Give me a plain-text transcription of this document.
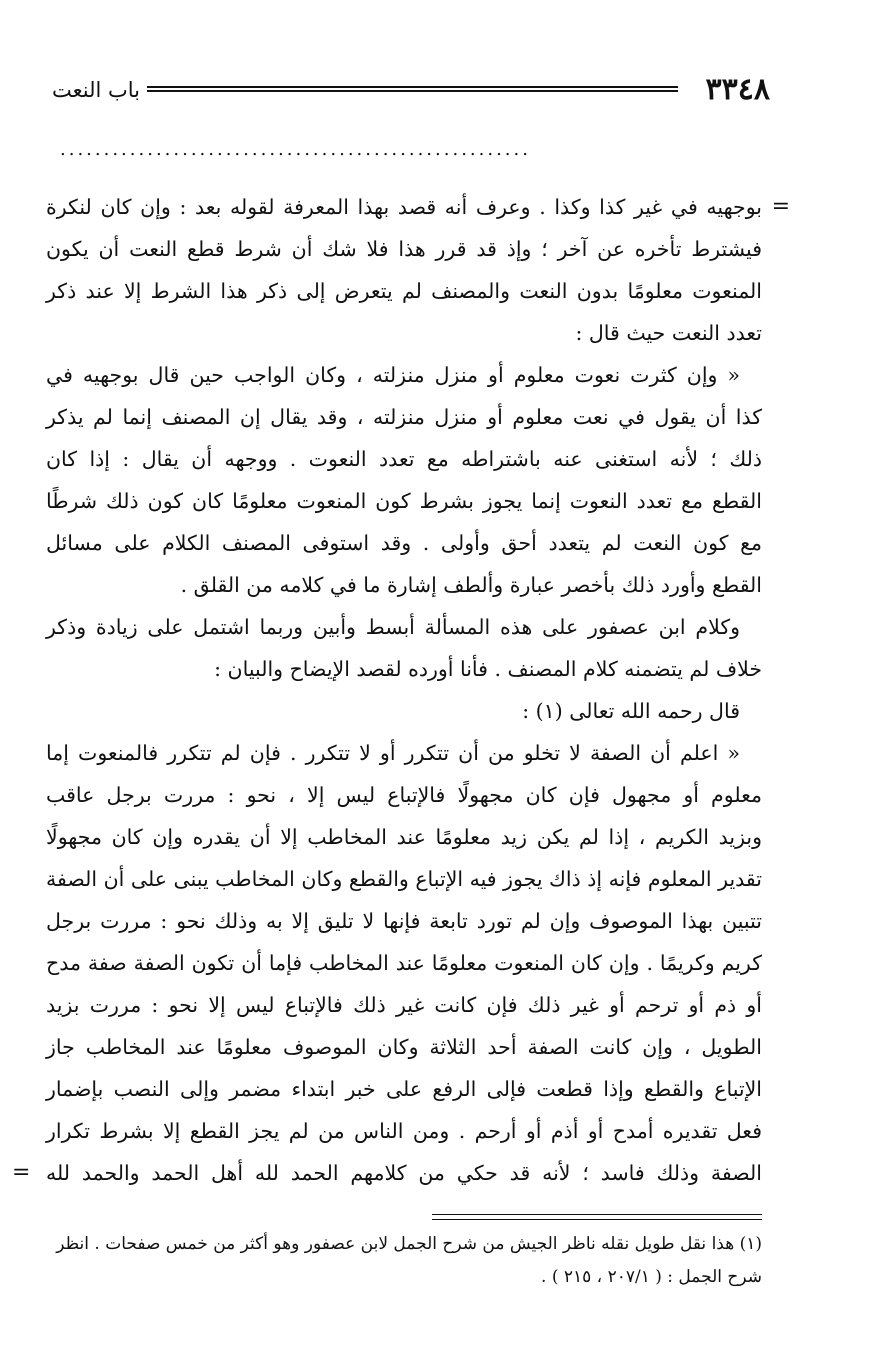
٣٣٤٨
باب النعت
......................................................
=
بوجهيه في غير كذا وكذا . وعرف أنه قصد بهذا المعرفة لقوله بعد : وإن كان لنكرة
فيشترط تأخره عن آخر ؛ وإذ قد قرر هذا فلا شك أن شرط قطع النعت أن يكون
المنعوت معلومًا بدون النعت والمصنف لم يتعرض إلى ذكر هذا الشرط إلا عند ذكر
تعدد النعت حيث قال :
« وإن كثرت نعوت معلوم أو منزل منزلته ، وكان الواجب حين قال بوجهيه في
كذا أن يقول في نعت معلوم أو منزل منزلته ، وقد يقال إن المصنف إنما لم يذكر
ذلك ؛ لأنه استغنى عنه باشتراطه مع تعدد النعوت . ووجهه أن يقال : إذا كان
القطع مع تعدد النعوت إنما يجوز بشرط كون المنعوت معلومًا كان كون ذلك شرطًا
مع كون النعت لم يتعدد أحق وأولى . وقد استوفى المصنف الكلام على مسائل
القطع وأورد ذلك بأخصر عبارة وألطف إشارة ما في كلامه من القلق .
وكلام ابن عصفور على هذه المسألة أبسط وأبين وربما اشتمل على زيادة وذكر
خلاف لم يتضمنه كلام المصنف . فأنا أورده لقصد الإيضاح والبيان :
قال رحمه الله تعالى (١) :
« اعلم أن الصفة لا تخلو من أن تتكرر أو لا تتكرر . فإن لم تتكرر فالمنعوت إما
معلوم أو مجهول فإن كان مجهولًا فالإتباع ليس إلا ، نحو : مررت برجل عاقب
وبزيد الكريم ، إذا لم يكن زيد معلومًا عند المخاطب إلا أن يقدره وإن كان مجهولًا
تقدير المعلوم فإنه إذ ذاك يجوز فيه الإتباع والقطع وكان المخاطب يبنى على أن الصفة
تتبين بهذا الموصوف وإن لم تورد تابعة فإنها لا تليق إلا به وذلك نحو : مررت برجل
كريم وكريمًا . وإن كان المنعوت معلومًا عند المخاطب فإما أن تكون الصفة صفة مدح
أو ذم أو ترحم أو غير ذلك فإن كانت غير ذلك فالإتباع ليس إلا نحو : مررت بزيد
الطويل ، وإن كانت الصفة أحد الثلاثة وكان الموصوف معلومًا عند المخاطب جاز
الإتباع والقطع وإذا قطعت فإلى الرفع على خبر ابتداء مضمر وإلى النصب بإضمار
فعل تقديره أمدح أو أذم أو أرحم . ومن الناس من لم يجز القطع إلا بشرط تكرار
الصفة وذلك فاسد ؛ لأنه قد حكي من كلامهم الحمد لله أهل الحمد والحمد لله
=
(١) هذا نقل طويل نقله ناظر الجيش من شرح الجمل لابن عصفور وهو أكثر من خمس صفحات . انظر
شرح الجمل : ( ٢٠٧/١ ، ٢١٥ ) .
